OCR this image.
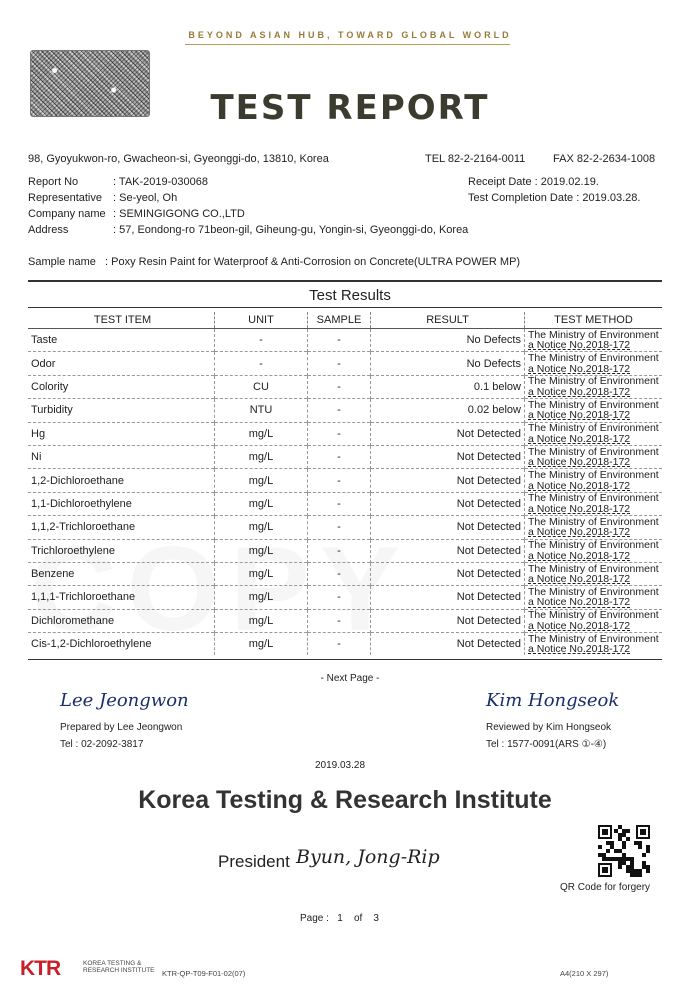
BEYOND ASIAN HUB, TOWARD GLOBAL WORLD
TEST REPORT
98, Gyoyukwon-ro, Gwacheon-si, Gyeonggi-do, 13810, Korea	TEL 82-2-2164-0011	FAX 82-2-2634-1008
Report No	: TAK-2019-030068
Representative : Se-yeol, Oh
Company name : SEMINGIGONG CO.,LTD
Address	: 57, Eondong-ro 71beon-gil, Giheung-gu, Yongin-si, Gyeonggi-do, Korea
Receipt Date : 2019.02.19.
Test Completion Date : 2019.03.28.
Sample name : Poxy Resin Paint for Waterproof & Anti-Corrosion on Concrete(ULTRA POWER MP)
Test Results
TEST ITEM	UNIT	SAMPLE	RESULT	TEST METHOD
Taste	-	-	No Defects	The Ministry of Environment
a Notice No.2018-172

Odor	-	-	No Defects	The Ministry of Environment
a Notice No.2018-172

Colority	CU	-	0.1 below	The Ministry of Environment
a Notice No.2018-172

Turbidity	NTU	-	0.02 below	The Ministry of Environment
a Notice No.2018-172

Hg	mg/L	-	Not Detected	The Ministry of Environment
a Notice No.2018-172

Ni	mg/L	-	Not Detected	The Ministry of Environment
a Notice No.2018-172

1,2-Dichloroethane	mg/L	-	Not Detected	The Ministry of Environment
a Notice No.2018-172

1,1-Dichloroethylene	mg/L	-	Not Detected	The Ministry of Environment
a Notice No.2018-172

1,1,2-Trichloroethane	mg/L	-	Not Detected	The Ministry of Environment
a Notice No.2018-172

Trichloroethylene	mg/L	-	Not Detected	The Ministry of Environment
a Notice No.2018-172

Benzene	mg/L	-	Not Detected	The Ministry of Environment
a Notice No.2018-172

1,1,1-Trichloroethane	mg/L	-	Not Detected	The Ministry of Environment
a Notice No.2018-172

Dichloromethane	mg/L	-	Not Detected	The Ministry of Environment
a Notice No.2018-172

Cis-1,2-Dichloroethylene	mg/L	-	Not Detected	The Ministry of Environment
a Notice No.2018-172
- Next Page -
Lee Jeongwon
Prepared by Lee Jeongwon
Tel : 02-2092-3817
Kim Hongseok
Reviewed by Kim Hongseok
Tel : 1577-0091(ARS ①-④)
2019.03.28
Korea Testing & Research Institute
President Byun, Jong-Rip
QR Code for forgery
Page : 1 of 3
KTR	KOREA TESTING &
RESEARCH INSTITUTE KTR-QP-T09-F01-02(07)	A4(210 X 297)
